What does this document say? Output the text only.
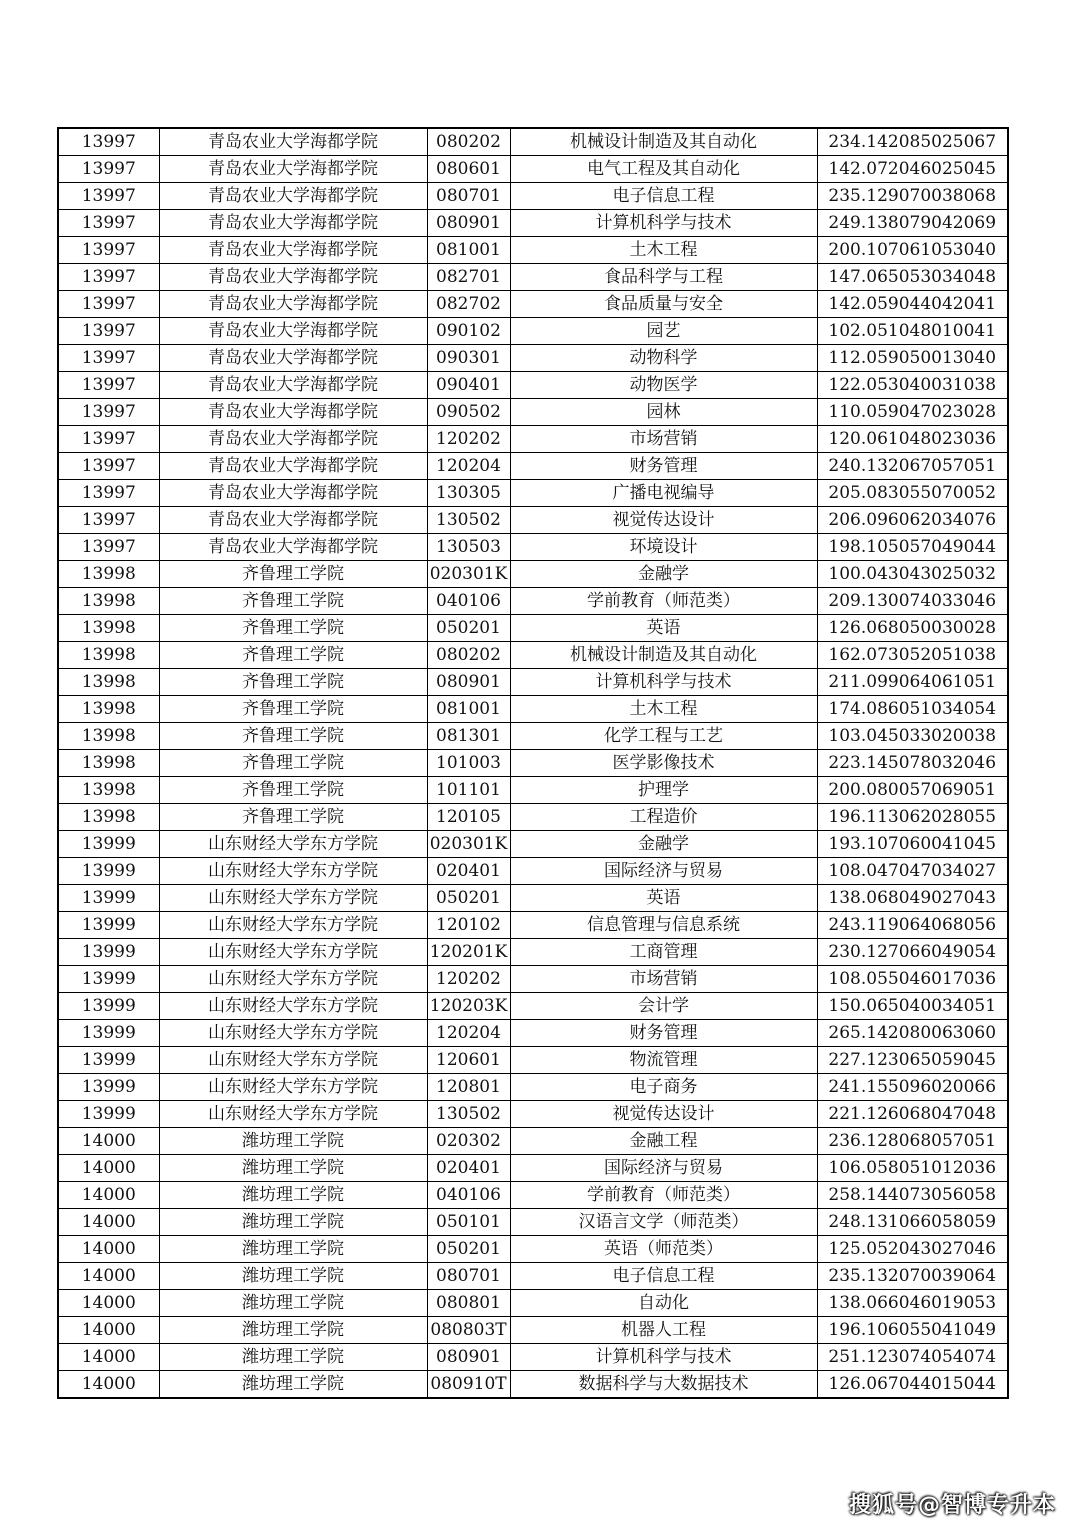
13997	青岛农业大学海都学院	080202	机械设计制造及其自动化	234.142085025067
13997	青岛农业大学海都学院	080601	电气工程及其自动化	142.072046025045
13997	青岛农业大学海都学院	080701	电子信息工程	235.129070038068
13997	青岛农业大学海都学院	080901	计算机科学与技术	249.138079042069
13997	青岛农业大学海都学院	081001	土木工程	200.107061053040
13997	青岛农业大学海都学院	082701	食品科学与工程	147.065053034048
13997	青岛农业大学海都学院	082702	食品质量与安全	142.059044042041
13997	青岛农业大学海都学院	090102	园艺	102.051048010041
13997	青岛农业大学海都学院	090301	动物科学	112.059050013040
13997	青岛农业大学海都学院	090401	动物医学	122.053040031038
13997	青岛农业大学海都学院	090502	园林	110.059047023028
13997	青岛农业大学海都学院	120202	市场营销	120.061048023036
13997	青岛农业大学海都学院	120204	财务管理	240.132067057051
13997	青岛农业大学海都学院	130305	广播电视编导	205.083055070052
13997	青岛农业大学海都学院	130502	视觉传达设计	206.096062034076
13997	青岛农业大学海都学院	130503	环境设计	198.105057049044
13998	齐鲁理工学院	020301K	金融学	100.043043025032
13998	齐鲁理工学院	040106	学前教育（师范类）	209.130074033046
13998	齐鲁理工学院	050201	英语	126.068050030028
13998	齐鲁理工学院	080202	机械设计制造及其自动化	162.073052051038
13998	齐鲁理工学院	080901	计算机科学与技术	211.099064061051
13998	齐鲁理工学院	081001	土木工程	174.086051034054
13998	齐鲁理工学院	081301	化学工程与工艺	103.045033020038
13998	齐鲁理工学院	101003	医学影像技术	223.145078032046
13998	齐鲁理工学院	101101	护理学	200.080057069051
13998	齐鲁理工学院	120105	工程造价	196.113062028055
13999	山东财经大学东方学院	020301K	金融学	193.107060041045
13999	山东财经大学东方学院	020401	国际经济与贸易	108.047047034027
13999	山东财经大学东方学院	050201	英语	138.068049027043
13999	山东财经大学东方学院	120102	信息管理与信息系统	243.119064068056
13999	山东财经大学东方学院	120201K	工商管理	230.127066049054
13999	山东财经大学东方学院	120202	市场营销	108.055046017036
13999	山东财经大学东方学院	120203K	会计学	150.065040034051
13999	山东财经大学东方学院	120204	财务管理	265.142080063060
13999	山东财经大学东方学院	120601	物流管理	227.123065059045
13999	山东财经大学东方学院	120801	电子商务	241.155096020066
13999	山东财经大学东方学院	130502	视觉传达设计	221.126068047048
14000	潍坊理工学院	020302	金融工程	236.128068057051
14000	潍坊理工学院	020401	国际经济与贸易	106.058051012036
14000	潍坊理工学院	040106	学前教育（师范类）	258.144073056058
14000	潍坊理工学院	050101	汉语言文学（师范类）	248.131066058059
14000	潍坊理工学院	050201	英语（师范类）	125.052043027046
14000	潍坊理工学院	080701	电子信息工程	235.132070039064
14000	潍坊理工学院	080801	自动化	138.066046019053
14000	潍坊理工学院	080803T	机器人工程	196.106055041049
14000	潍坊理工学院	080901	计算机科学与技术	251.123074054074
14000	潍坊理工学院	080910T	数据科学与大数据技术	126.067044015044
搜狐号@智博专升本
